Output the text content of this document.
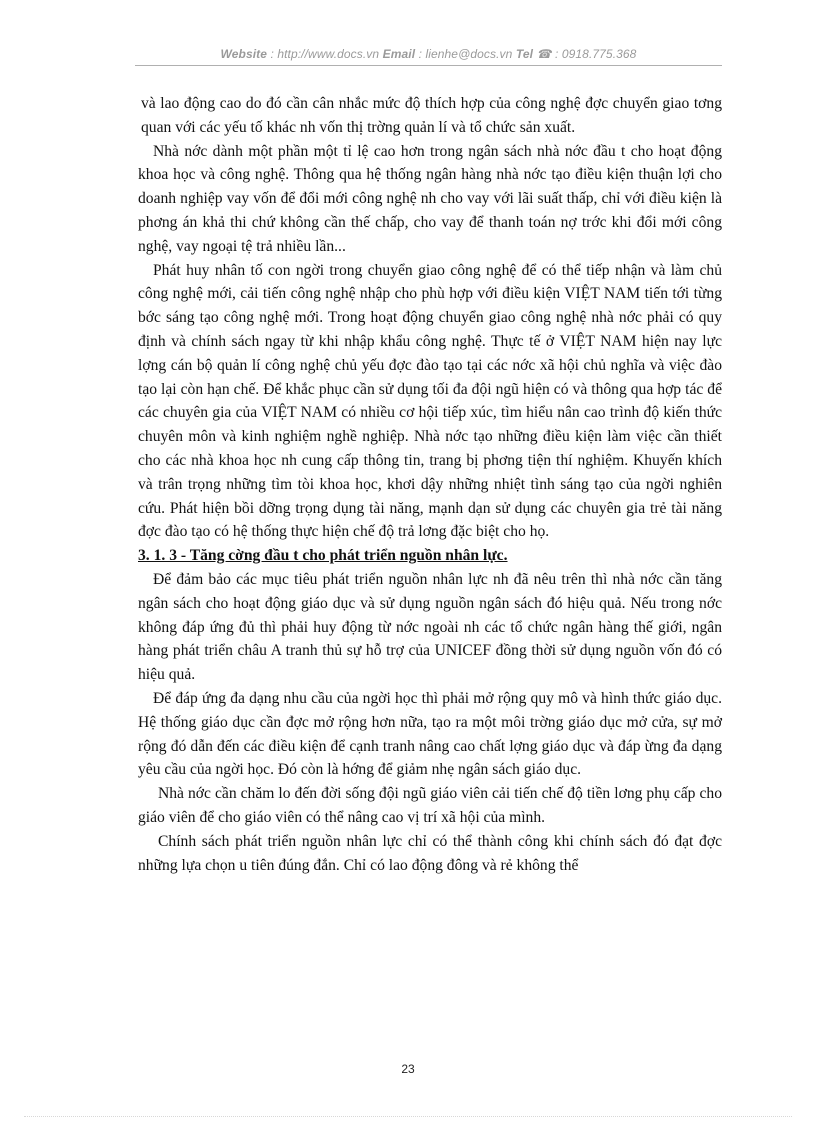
Website : http://www.docs.vn Email : lienhe@docs.vn Tel ☎ : 0918.775.368

và lao động cao do đó cần cân nhắc mức độ thích hợp của công nghệ đợc chuyển giao tơng quan với các yếu tố khác nh vốn thị trờng quản lí và tổ chức sản xuất.

Nhà nớc dành một phần một tỉ lệ cao hơn trong ngân sách nhà nớc đầu t cho hoạt động khoa học và công nghệ. Thông qua hệ thống ngân hàng nhà nớc tạo điều kiện thuận lợi cho doanh nghiệp vay vốn để đổi mới công nghệ nh cho vay với lãi suất thấp, chỉ với điều kiện là phơng án khả thi chứ không cần thế chấp, cho vay để thanh toán nợ trớc khi đổi mới công nghệ, vay ngoại tệ trả nhiều lần...

Phát huy nhân tố con ngời trong chuyển giao công nghệ để có thể tiếp nhận và làm chủ công nghệ mới, cải tiến công nghệ nhập cho phù hợp với điều kiện VIỆT NAM tiến tới từng bớc sáng tạo công nghệ mới. Trong hoạt động chuyển giao công nghệ nhà nớc phải có quy định và chính sách ngay từ khi nhập khẩu công nghệ. Thực tế ở VIỆT NAM hiện nay lực lợng cán bộ quản lí công nghệ chủ yếu đợc đào tạo tại các nớc xã hội chủ nghĩa và việc đào tạo lại còn hạn chế. Để khắc phục cần sử dụng tối đa đội ngũ hiện có và thông qua hợp tác để các chuyên gia của VIỆT NAM có nhiều cơ hội tiếp xúc, tìm hiểu nân cao trình độ kiến thức chuyên môn và kinh nghiệm nghề nghiệp. Nhà nớc tạo những điều kiện làm việc cần thiết cho các nhà khoa học nh cung cấp thông tin, trang bị phơng tiện thí nghiệm. Khuyến khích và trân trọng những tìm tòi khoa học, khơi dậy những nhiệt tình sáng tạo của ngời nghiên cứu. Phát hiện bồi dỡng trọng dụng tài năng, mạnh dạn sử dụng các chuyên gia trẻ tài năng đợc đào tạo có hệ thống thực hiện chế độ trả lơng đặc biệt cho họ.

3. 1. 3 - Tăng cờng đầu t cho phát triển nguồn nhân lực.

Để đảm bảo các mục tiêu phát triển nguồn nhân lực nh đã nêu trên thì nhà nớc cần tăng ngân sách cho hoạt động giáo dục và sử dụng nguồn ngân sách đó hiệu quả. Nếu trong nớc không đáp ứng đủ thì phải huy động từ nớc ngoài nh các tổ chức ngân hàng thế giới, ngân hàng phát triển châu A tranh thủ sự hỗ trợ của UNICEF đồng thời sử dụng nguồn vốn đó có hiệu quả.

Để đáp ứng đa dạng nhu cầu của ngời học thì phải mở rộng quy mô và hình thức giáo dục. Hệ thống giáo dục cần đợc mở rộng hơn nữa, tạo ra một môi trờng giáo dục mở cửa, sự mở rộng đó dẫn đến các điều kiện để cạnh tranh nâng cao chất lợng giáo dục và đáp ừng đa dạng yêu cầu của ngời học. Đó còn là hớng để giảm nhẹ ngân sách giáo dục.

Nhà nớc cần chăm lo đến đời sống đội ngũ giáo viên cải tiến chế độ tiền lơng phụ cấp cho giáo viên để cho giáo viên có thể nâng cao vị trí xã hội của mình.

Chính sách phát triển nguồn nhân lực chỉ có thể thành công khi chính sách đó đạt đợc những lựa chọn u tiên đúng đắn. Chỉ có lao động đông và rẻ không thể

23
